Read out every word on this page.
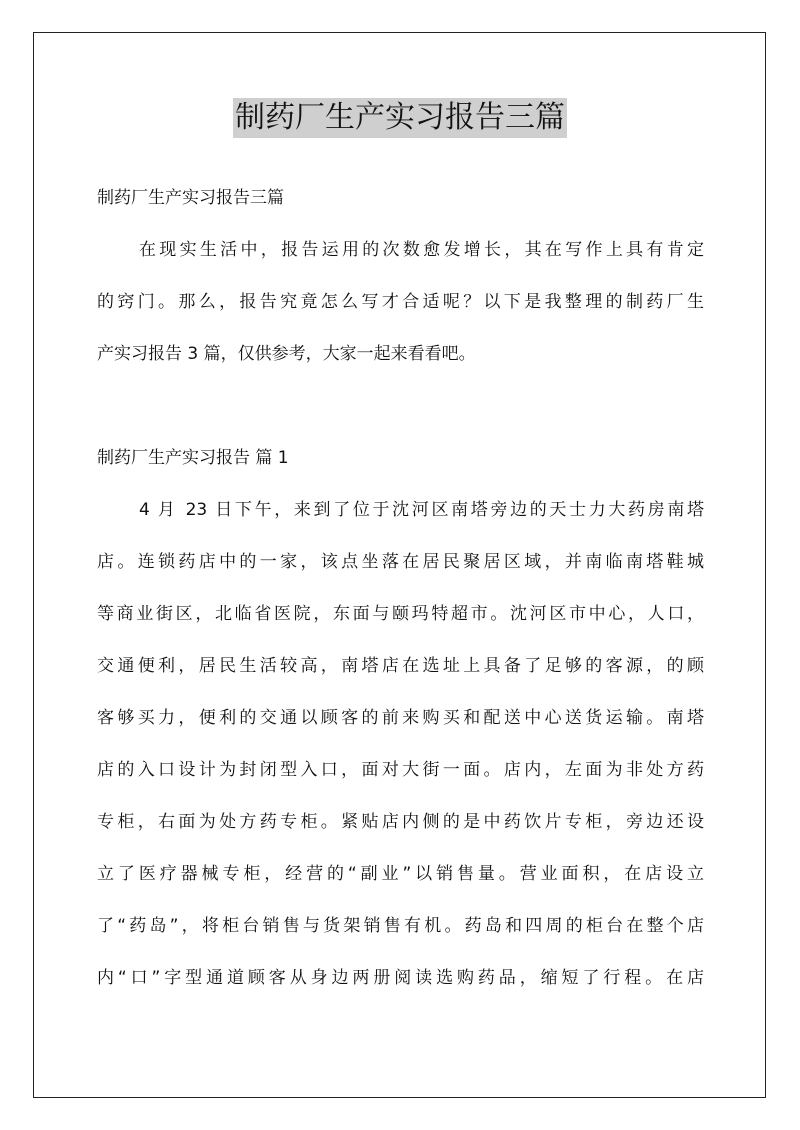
制药厂生产实习报告三篇
制药厂生产实习报告三篇
在现实生活中，报告运用的次数愈发增长，其在写作上具有肯定
的窍门。那么，报告究竟怎么写才合适呢？以下是我整理的制药厂生
产实习报告 3 篇，仅供参考，大家一起来看看吧。
制药厂生产实习报告 篇 1
4 月 23 日下午，来到了位于沈河区南塔旁边的天士力大药房南塔
店。连锁药店中的一家，该点坐落在居民聚居区域，并南临南塔鞋城
等商业街区，北临省医院，东面与颐玛特超市。沈河区市中心，人口，
交通便利，居民生活较高，南塔店在选址上具备了足够的客源，的顾
客够买力，便利的交通以顾客的前来购买和配送中心送货运输。南塔
店的入口设计为封闭型入口，面对大街一面。店内，左面为非处方药
专柜，右面为处方药专柜。紧贴店内侧的是中药饮片专柜，旁边还设
立了医疗器械专柜，经营的“副业”以销售量。营业面积，在店设立
了“药岛”，将柜台销售与货架销售有机。药岛和四周的柜台在整个店
内“口”字型通道顾客从身边两册阅读选购药品，缩短了行程。在店
